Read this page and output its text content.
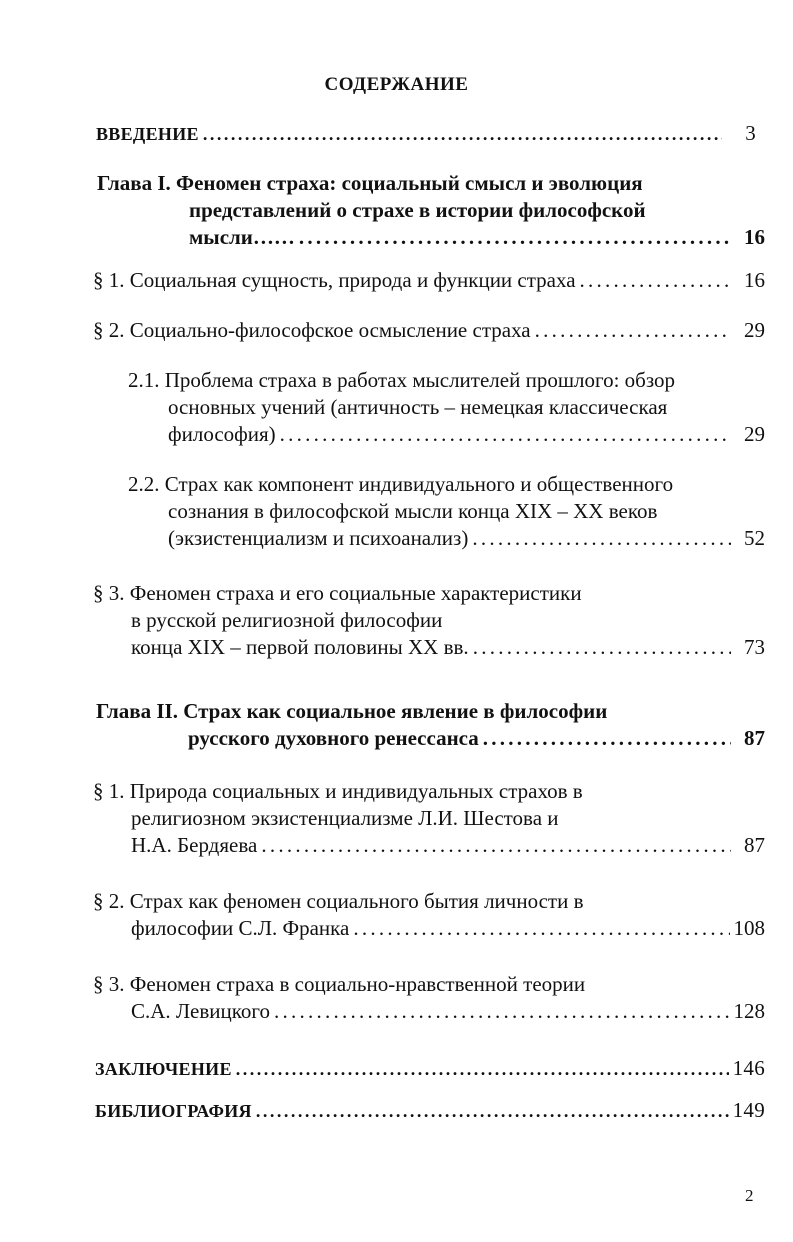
СОДЕРЖАНИЕ
ВВЕДЕНИЕ . . .	3
Глава I. Феномен страха: социальный смысл и эволюция
представлений о страхе в истории философской
мысли…… . . .	16
§ 1. Социальная сущность, природа и функции страха . . .	16
§ 2. Социально-философское осмысление страха . . .	29
2.1. Проблема страха в работах мыслителей прошлого: обзор
основных учений (античность – немецкая классическая
философия) . . .	29
2.2. Страх как компонент индивидуального и общественного
сознания в философской мысли конца XIX – XX веков
(экзистенциализм и психоанализ) . . .	52
§ 3. Феномен страха и его социальные характеристики
в русской религиозной философии
конца XIX – первой половины XX вв. . . .	73
Глава II. Страх как социальное явление в философии
русского духовного ренессанса . . .	87
§ 1. Природа социальных и индивидуальных страхов в
религиозном экзистенциализме Л.И. Шестова и
Н.А. Бердяева . . .	87
§ 2. Страх как феномен социального бытия личности в
философии С.Л. Франка . . .	108
§ 3. Феномен страха в социально-нравственной теории
С.А. Левицкого . . .	128
ЗАКЛЮЧЕНИЕ . . .	146
БИБЛИОГРАФИЯ . . .	149
2
